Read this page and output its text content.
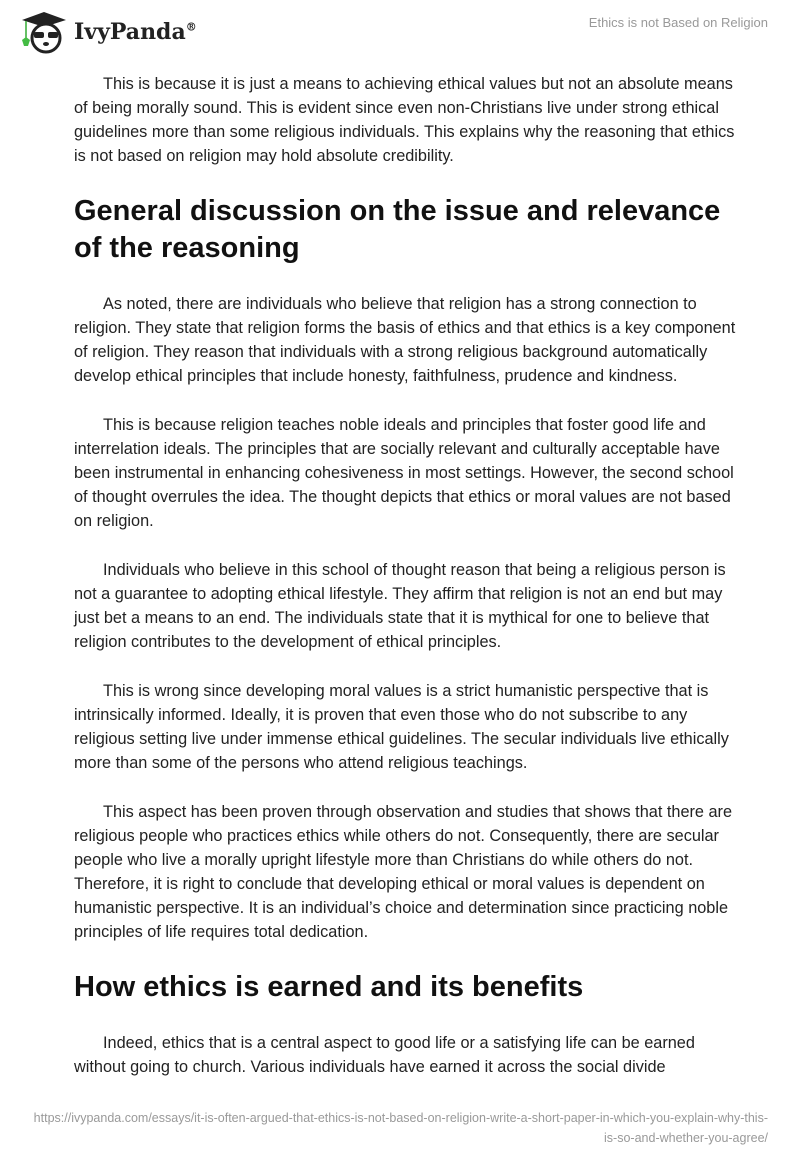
IvyPanda®	Ethics is not Based on Religion

This is because it is just a means to achieving ethical values but not an absolute means of being morally sound. This is evident since even non-Christians live under strong ethical guidelines more than some religious individuals. This explains why the reasoning that ethics is not based on religion may hold absolute credibility.

General discussion on the issue and relevance of the reasoning

As noted, there are individuals who believe that religion has a strong connection to religion. They state that religion forms the basis of ethics and that ethics is a key component of religion. They reason that individuals with a strong religious background automatically develop ethical principles that include honesty, faithfulness, prudence and kindness.

This is because religion teaches noble ideals and principles that foster good life and interrelation ideals. The principles that are socially relevant and culturally acceptable have been instrumental in enhancing cohesiveness in most settings. However, the second school of thought overrules the idea. The thought depicts that ethics or moral values are not based on religion.

Individuals who believe in this school of thought reason that being a religious person is not a guarantee to adopting ethical lifestyle. They affirm that religion is not an end but may just bet a means to an end. The individuals state that it is mythical for one to believe that religion contributes to the development of ethical principles.

This is wrong since developing moral values is a strict humanistic perspective that is intrinsically informed. Ideally, it is proven that even those who do not subscribe to any religious setting live under immense ethical guidelines. The secular individuals live ethically more than some of the persons who attend religious teachings.

This aspect has been proven through observation and studies that shows that there are religious people who practices ethics while others do not. Consequently, there are secular people who live a morally upright lifestyle more than Christians do while others do not. Therefore, it is right to conclude that developing ethical or moral values is dependent on humanistic perspective. It is an individual’s choice and determination since practicing noble principles of life requires total dedication.

How ethics is earned and its benefits

Indeed, ethics that is a central aspect to good life or a satisfying life can be earned without going to church. Various individuals have earned it across the social divide

https://ivypanda.com/essays/it-is-often-argued-that-ethics-is-not-based-on-religion-write-a-short-paper-in-which-you-explain-why-this-is-so-and-whether-you-agree/
